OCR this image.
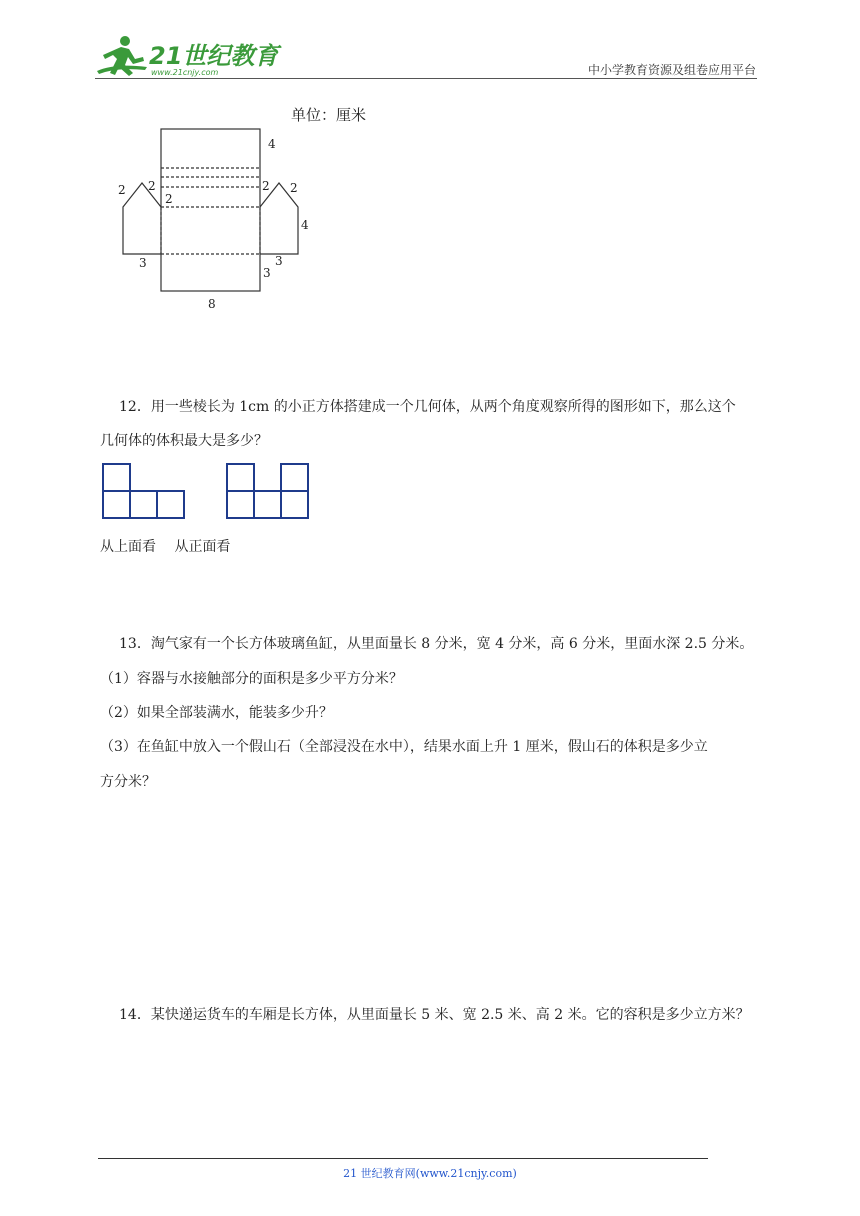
21世纪教育
www.21cnjy.com	中小学教育资源及组卷应用平台
单位：厘米
4
2 2
2
2 2
4
3
3
3
8
12．用一些棱长为 1cm 的小正方体搭建成一个几何体，从两个角度观察所得的图形如下，那么这个
几何体的体积最大是多少？
从上面看　 从正面看
13．淘气家有一个长方体玻璃鱼缸，从里面量长 8 分米，宽 4 分米，高 6 分米，里面水深 2.5 分米。
（1）容器与水接触部分的面积是多少平方分米？
（2）如果全部装满水，能装多少升？
（3）在鱼缸中放入一个假山石（全部浸没在水中），结果水面上升 1 厘米，假山石的体积是多少立
方分米？
14．某快递运货车的车厢是长方体，从里面量长 5 米、宽 2.5 米、高 2 米。它的容积是多少立方米？
21 世纪教育网(www.21cnjy.com)
